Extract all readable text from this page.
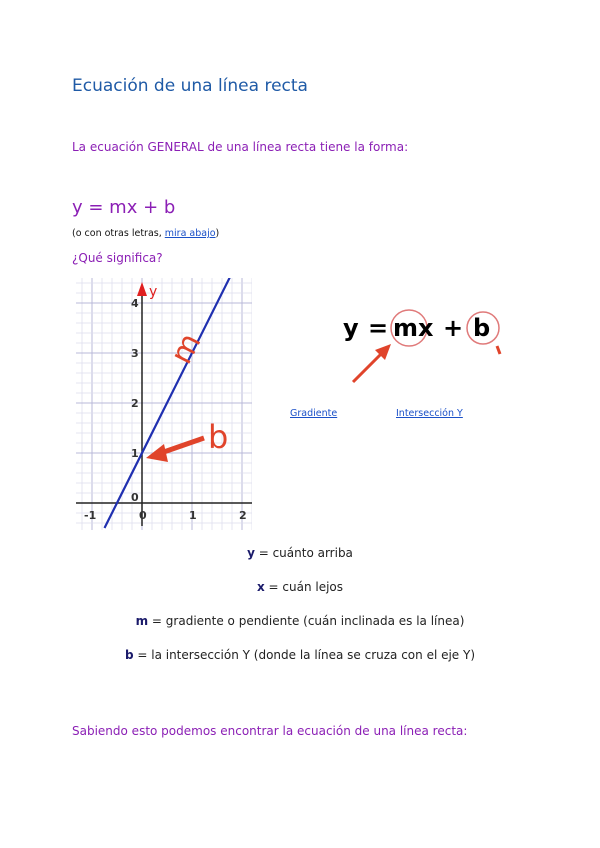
Ecuación de una línea recta
La ecuación GENERAL de una línea recta tiene la forma:
y = mx + b
(o con otras letras, mira abajo)
¿Qué significa?
y
-1	0	1	2
1
2
3
4
0
m
b
y = mx + b
Gradiente	Intersección Y
y = cuánto arriba
x = cuán lejos
m = gradiente o pendiente (cuán inclinada es la línea)
b = la intersección Y (donde la línea se cruza con el eje Y)
Sabiendo esto podemos encontrar la ecuación de una línea recta:
